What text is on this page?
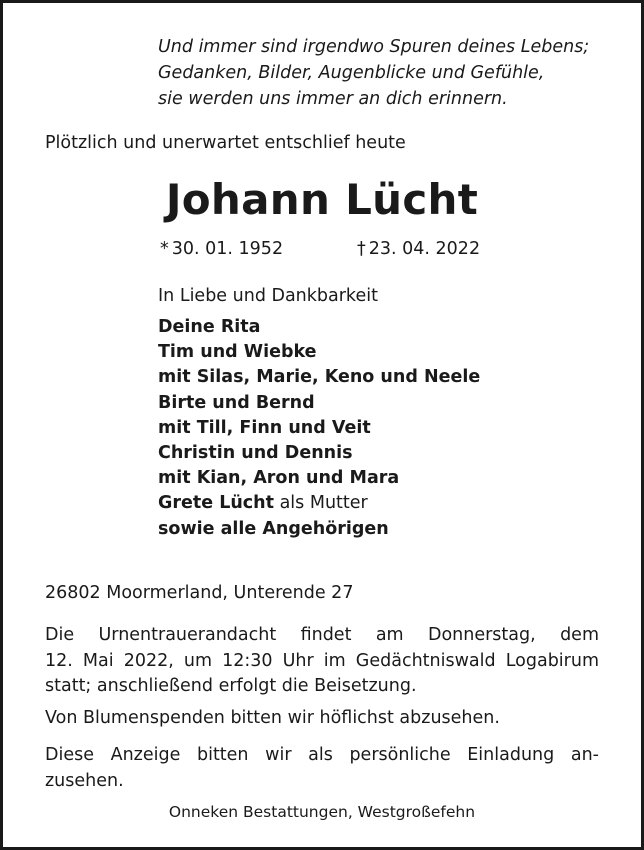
Und immer sind irgendwo Spuren deines Lebens;
Gedanken, Bilder, Augenblicke und Gefühle,
sie werden uns immer an dich erinnern.
Plötzlich und unerwartet entschlief heute
Johann Lücht
* 30. 01. 1952	† 23. 04. 2022
In Liebe und Dankbarkeit
Deine Rita
Tim und Wiebke
mit Silas, Marie, Keno und Neele
Birte und Bernd
mit Till, Finn und Veit
Christin und Dennis
mit Kian, Aron und Mara
Grete Lücht als Mutter
sowie alle Angehörigen
26802 Moormerland, Unterende 27
Die Urnentrauerandacht findet am Donnerstag, dem
12. Mai 2022, um 12:30 Uhr im Gedächtniswald Logabirum
statt; anschließend erfolgt die Beisetzung.
Von Blumenspenden bitten wir höflichst abzusehen.
Diese Anzeige bitten wir als persönliche Einladung an-
zusehen.
Onneken Bestattungen, Westgroßefehn
